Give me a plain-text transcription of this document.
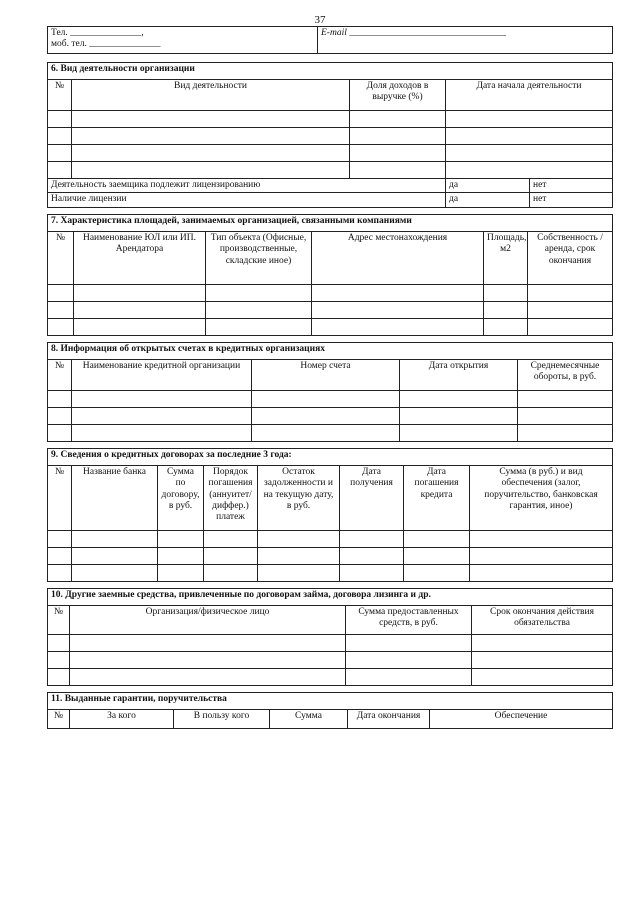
37
Тел. _______________,
моб. тел. _______________
	E-mail _________________________________
6. Вид деятельности организации				
№	Вид деятельности	Доля доходов в выручке (%)	Дата начала деятельности	

Деятельность заемщика подлежит лицензированию			да	нет
Наличие лицензии			да	нет
7. Характеристика площадей, занимаемых организацией, связанными компаниями					
№	Наименование ЮЛ или ИП. Арендатора	Тип объекта (Офисные, производственные, складские иное)	Адрес местонахождения	Площадь, м2	Собственность /аренда, срок окончания

8. Информация об открытых счетах в кредитных организациях				
№	Наименование кредитной организации	Номер счета	Дата открытия	Среднемесячные обороты, в руб.

9. Сведения о кредитных договорах за последние 3 года:							
№	Название банка	Сумма по договору, в руб.	Порядок погашения (аннуитет/ диффер.) платеж	Остаток задолженности и на текущую дату, в руб.	Дата получения	Дата погашения кредита	Сумма (в руб.) и вид обеспечения (залог, поручительство, банковская гарантия, иное)

10. Другие заемные средства, привлеченные по договорам займа, договора лизинга и др.			
№	Организация/физическое лицо	Сумма предоставленных средств, в руб.	Срок окончания действия обязательства

11. Выданные гарантии, поручительства
№	За кого	В пользу кого	Сумма	Дата окончания	Обеспечение
